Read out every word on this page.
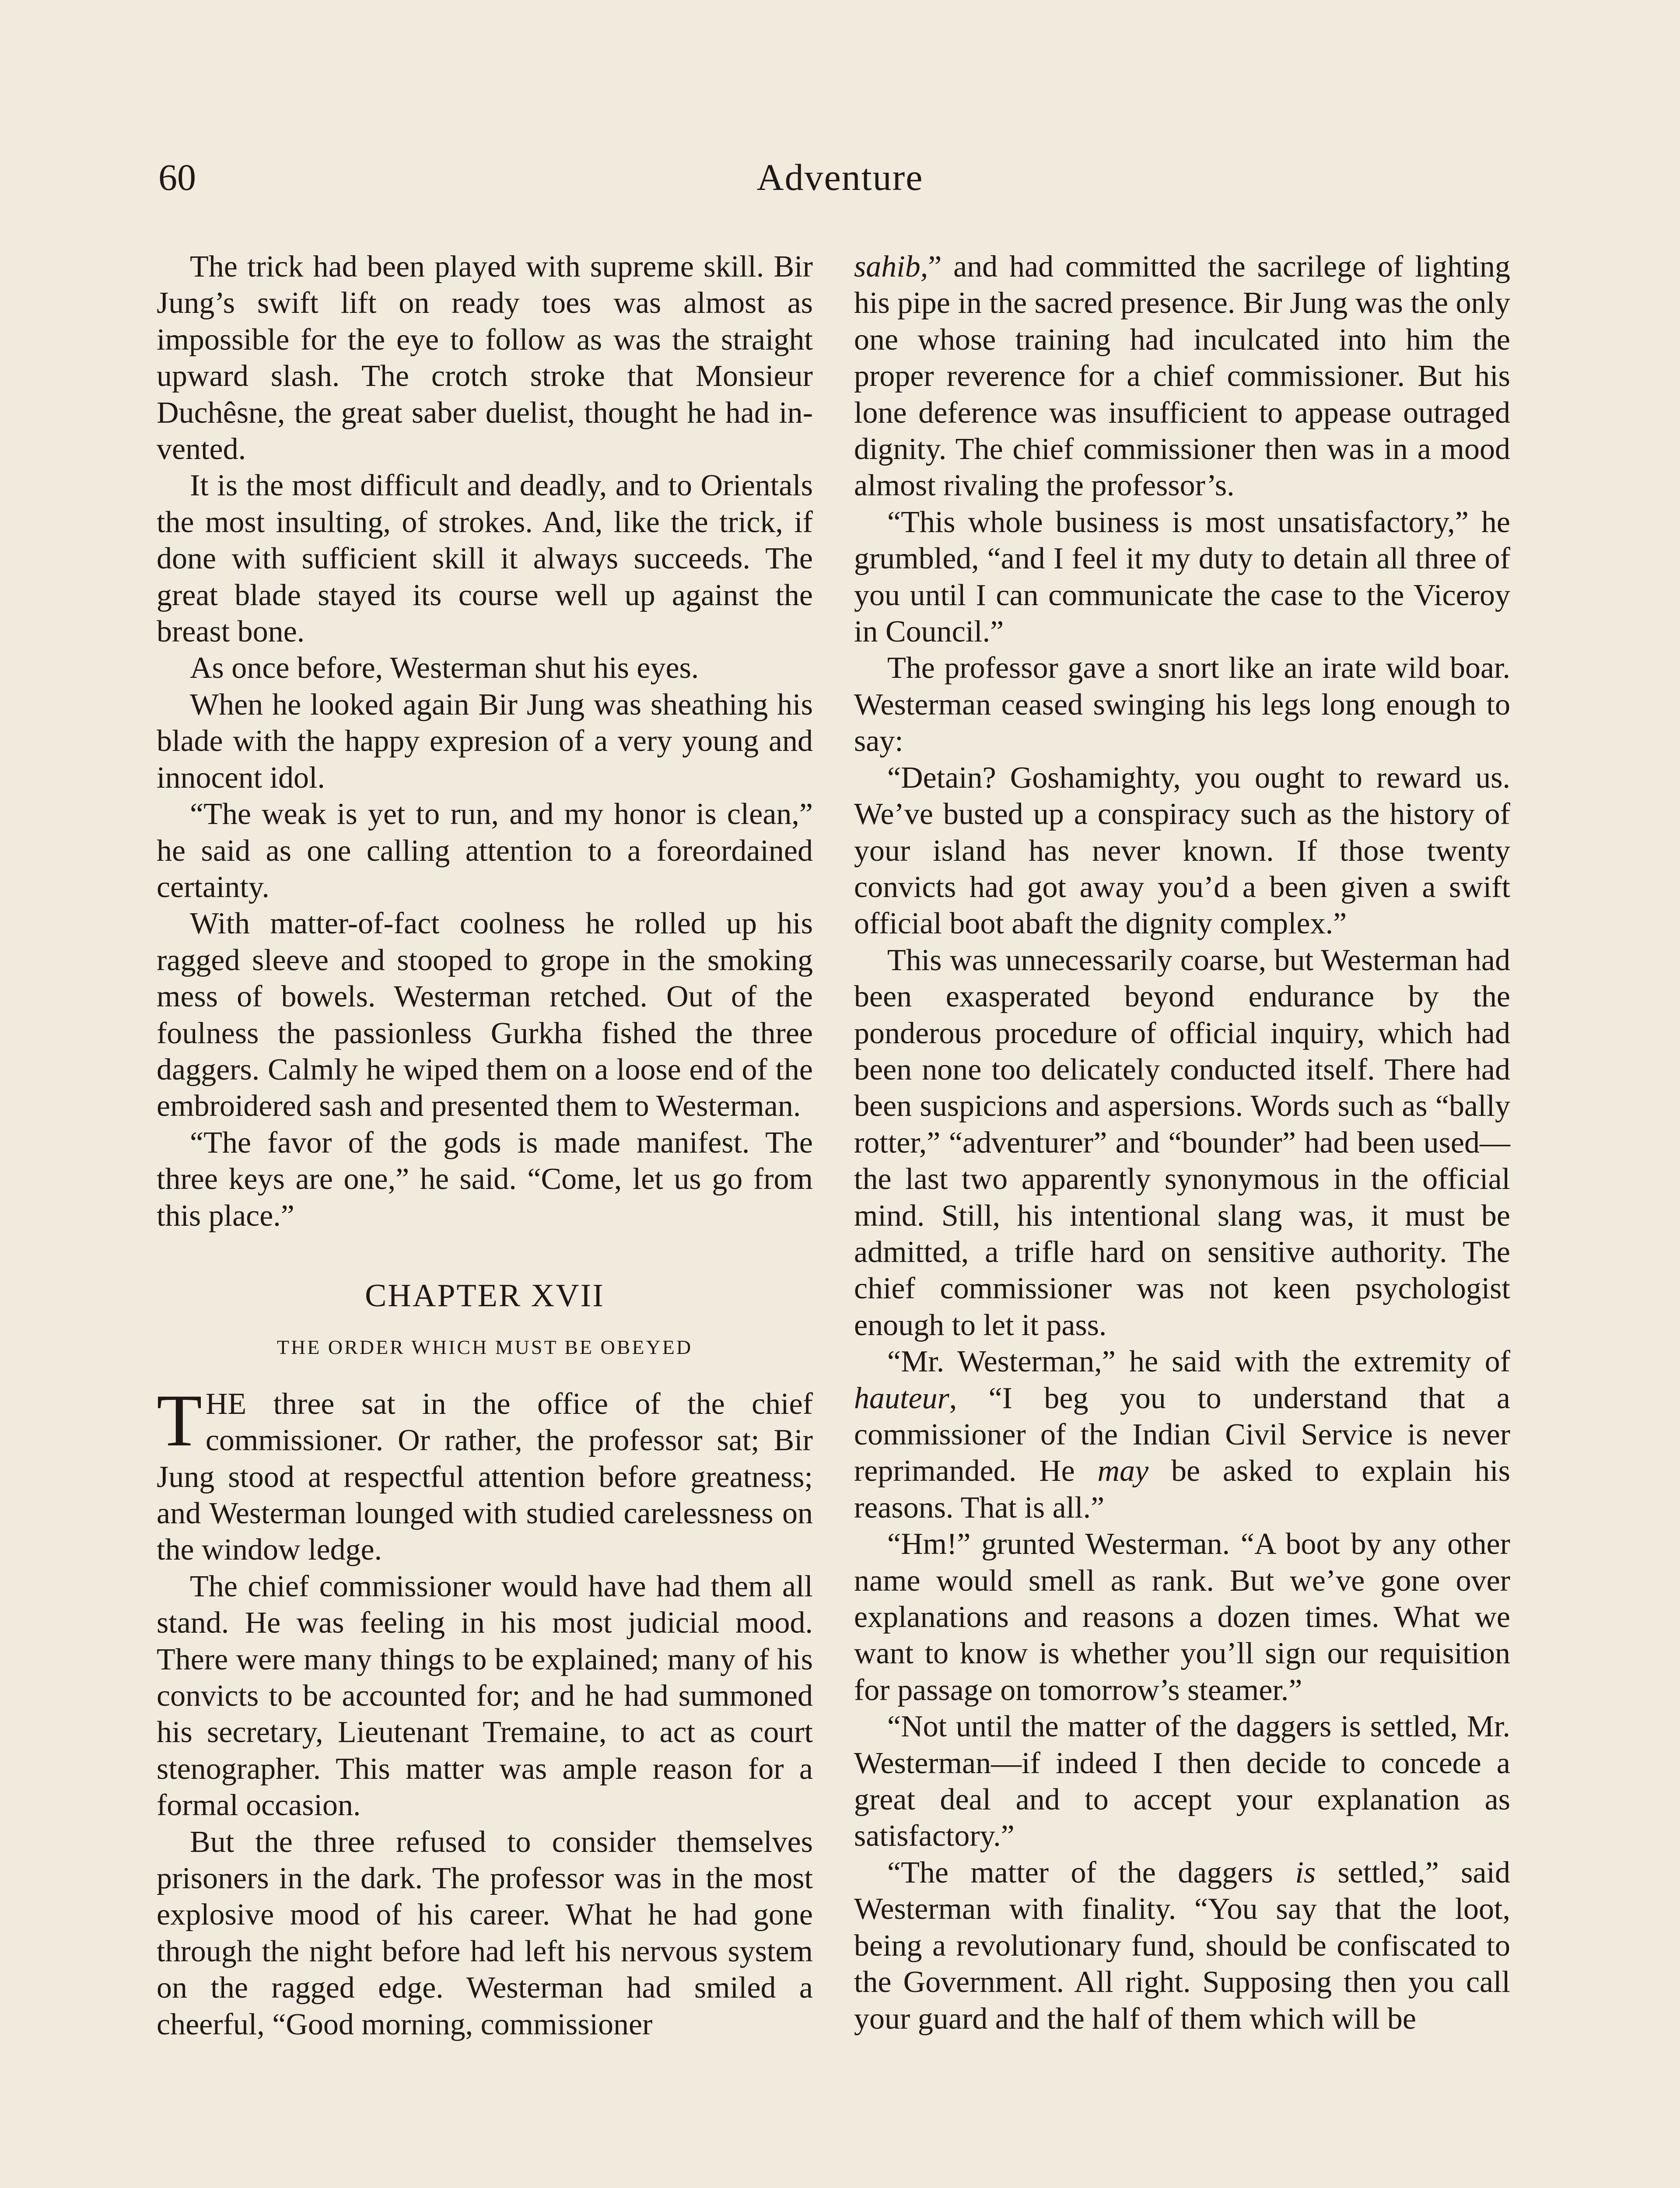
Adventure
60

The trick had been played with supreme skill. Bir Jung’s swift lift on ready toes was almost as impossible for the eye to follow as was the straight upward slash. The crotch stroke that Monsieur Duchêsne, the great saber duelist, thought he had invented.

It is the most difficult and deadly, and to Orientals the most insulting, of strokes. And, like the trick, if done with sufficient skill it always succeeds. The great blade stayed its course well up against the breast bone.

As once before, Westerman shut his eyes.

When he looked again Bir Jung was sheathing his blade with the happy expresion of a very young and innocent idol.

“The weak is yet to run, and my honor is clean,” he said as one calling attention to a foreordained certainty.

With matter-of-fact coolness he rolled up his ragged sleeve and stooped to grope in the smoking mess of bowels. Westerman retched. Out of the foulness the passionless Gurkha fished the three daggers. Calmly he wiped them on a loose end of the embroidered sash and presented them to Westerman.

“The favor of the gods is made manifest. The three keys are one,” he said. “Come, let us go from this place.”

CHAPTER XVII
THE ORDER WHICH MUST BE OBEYED

THE three sat in the office of the chief commissioner. Or rather, the professor sat; Bir Jung stood at respectful attention before greatness; and Westerman lounged with studied carelessness on the window ledge.

The chief commissioner would have had them all stand. He was feeling in his most judicial mood. There were many things to be explained; many of his convicts to be accounted for; and he had summoned his secretary, Lieutenant Tremaine, to act as court stenographer. This matter was ample reason for a formal occasion.

But the three refused to consider themselves prisoners in the dark. The professor was in the most explosive mood of his career. What he had gone through the night before had left his nervous system on the ragged edge. Westerman had smiled a cheerful, “Good morning, commissioner

sahib,” and had committed the sacrilege of lighting his pipe in the sacred presence. Bir Jung was the only one whose training had inculcated into him the proper reverence for a chief commissioner. But his lone deference was insufficient to appease outraged dignity. The chief commissioner then was in a mood almost rivaling the professor’s.

“This whole business is most unsatisfactory,” he grumbled, “and I feel it my duty to detain all three of you until I can communicate the case to the Viceroy in Council.”

The professor gave a snort like an irate wild boar. Westerman ceased swinging his legs long enough to say:

“Detain? Goshamighty, you ought to reward us. We’ve busted up a conspiracy such as the history of your island has never known. If those twenty convicts had got away you’d a been given a swift official boot abaft the dignity complex.”

This was unnecessarily coarse, but Westerman had been exasperated beyond endurance by the ponderous procedure of official inquiry, which had been none too delicately conducted itself. There had been suspicions and aspersions. Words such as “bally rotter,” “adventurer” and “bounder” had been used—the last two apparently synonymous in the official mind. Still, his intentional slang was, it must be admitted, a trifle hard on sensitive authority. The chief commissioner was not keen psychologist enough to let it pass.

“Mr. Westerman,” he said with the extremity of hauteur, “I beg you to understand that a commissioner of the Indian Civil Service is never reprimanded. He may be asked to explain his reasons. That is all.”

“Hm!” grunted Westerman. “A boot by any other name would smell as rank. But we’ve gone over explanations and reasons a dozen times. What we want to know is whether you’ll sign our requisition for passage on tomorrow’s steamer.”

“Not until the matter of the daggers is settled, Mr. Westerman—if indeed I then decide to concede a great deal and to accept your explanation as satisfactory.”

“The matter of the daggers is settled,” said Westerman with finality. “You say that the loot, being a revolutionary fund, should be confiscated to the Government. All right. Supposing then you call your guard and the half of them which will be
